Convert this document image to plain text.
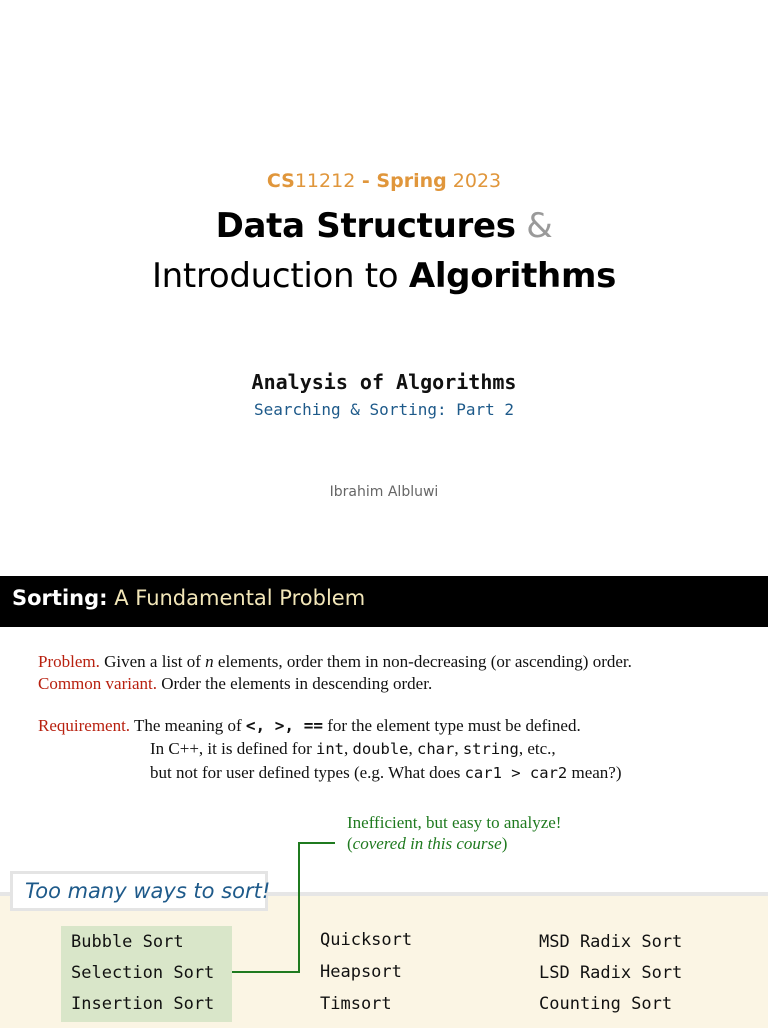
CS11212 - Spring 2023
Data Structures &
Introduction to Algorithms
Analysis of Algorithms
Searching & Sorting: Part 2
Ibrahim Albluwi
Sorting: A Fundamental Problem
Problem. Given a list of n elements, order them in non-decreasing (or ascending) order.
Common variant. Order the elements in descending order.
Requirement. The meaning of <, >, == for the element type must be defined.
In C++, it is defined for int, double, char, string, etc.,
but not for user defined types (e.g. What does car1 > car2 mean?)
Inefficient, but easy to analyze!
(covered in this course)
Too many ways to sort!
Bubble Sort
Selection Sort
Insertion Sort
Quicksort
Heapsort
Timsort
MSD Radix Sort
LSD Radix Sort
Counting Sort
